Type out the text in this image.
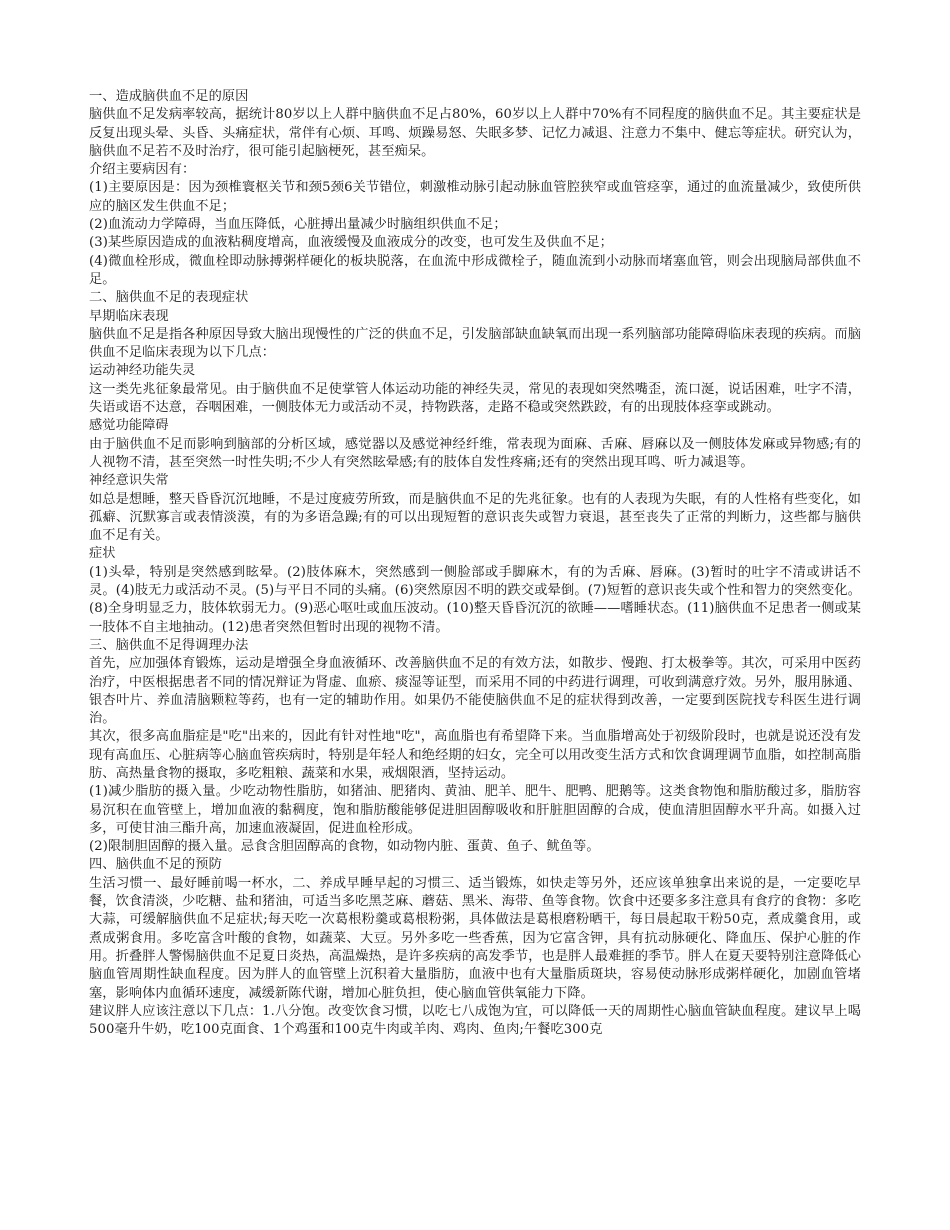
一、造成脑供血不足的原因

脑供血不足发病率较高，据统计80岁以上人群中脑供血不足占80%，60岁以上人群中70%有不同程度的脑供血不足。其主要症状是反复出现头晕、头昏、头痛症状，常伴有心烦、耳鸣、烦躁易怒、失眠多梦、记忆力减退、注意力不集中、健忘等症状。研究认为，脑供血不足若不及时治疗，很可能引起脑梗死，甚至痴呆。

介绍主要病因有：

(1)主要原因是：因为颈椎寰枢关节和颈5颈6关节错位，刺激椎动脉引起动脉血管腔狭窄或血管痉挛，通过的血流量减少，致使所供应的脑区发生供血不足；

(2)血流动力学障碍，当血压降低，心脏搏出量减少时脑组织供血不足；

(3)某些原因造成的血液粘稠度增高，血液缓慢及血液成分的改变，也可发生及供血不足；

(4)微血栓形成，微血栓即动脉搏粥样硬化的板块脱落，在血流中形成微栓子，随血流到小动脉而堵塞血管，则会出现脑局部供血不足。

二、脑供血不足的表现症状

早期临床表现

脑供血不足是指各种原因导致大脑出现慢性的广泛的供血不足，引发脑部缺血缺氧而出现一系列脑部功能障碍临床表现的疾病。而脑供血不足临床表现为以下几点：

运动神经功能失灵

这一类先兆征象最常见。由于脑供血不足使掌管人体运动功能的神经失灵，常见的表现如突然嘴歪，流口涎，说话困难，吐字不清，失语或语不达意，吞咽困难，一侧肢体无力或活动不灵，持物跌落，走路不稳或突然跌跤，有的出现肢体痉挛或跳动。

感觉功能障碍

由于脑供血不足而影响到脑部的分析区域，感觉器以及感觉神经纤维，常表现为面麻、舌麻、唇麻以及一侧肢体发麻或异物感;有的人视物不清，甚至突然一时性失明;不少人有突然眩晕感;有的肢体自发性疼痛;还有的突然出现耳鸣、听力减退等。

神经意识失常

如总是想睡，整天昏昏沉沉地睡，不是过度疲劳所致，而是脑供血不足的先兆征象。也有的人表现为失眠，有的人性格有些变化，如孤癖、沉默寡言或表情淡漠，有的为多语急躁;有的可以出现短暂的意识丧失或智力衰退，甚至丧失了正常的判断力，这些都与脑供血不足有关。

症状

(1)头晕，特别是突然感到眩晕。(2)肢体麻木，突然感到一侧脸部或手脚麻木，有的为舌麻、唇麻。(3)暂时的吐字不清或讲话不灵。(4)肢无力或活动不灵。(5)与平日不同的头痛。(6)突然原因不明的跌交或晕倒。(7)短暂的意识丧失或个性和智力的突然变化。(8)全身明显乏力，肢体软弱无力。(9)恶心呕吐或血压波动。(10)整天昏昏沉沉的欲睡——嗜睡状态。(11)脑供血不足患者一侧或某一肢体不自主地抽动。(12)患者突然但暂时出现的视物不清。

三、脑供血不足得调理办法

首先，应加强体育锻炼，运动是增强全身血液循环、改善脑供血不足的有效方法，如散步、慢跑、打太极拳等。其次，可采用中医药治疗，中医根据患者不同的情况辩证为肾虚、血瘀、痰湿等证型，而采用不同的中药进行调理，可收到满意疗效。另外，服用脉通、银杏叶片、养血清脑颗粒等药，也有一定的辅助作用。如果仍不能使脑供血不足的症状得到改善，一定要到医院找专科医生进行调治。

其次，很多高血脂症是"吃"出来的，因此有针对性地"吃"，高血脂也有希望降下来。当血脂增高处于初级阶段时，也就是说还没有发现有高血压、心脏病等心脑血管疾病时，特别是年轻人和绝经期的妇女，完全可以用改变生活方式和饮食调理调节血脂，如控制高脂肪、高热量食物的摄取，多吃粗粮、蔬菜和水果，戒烟限酒，坚持运动。

(1)减少脂肪的摄入量。少吃动物性脂肪，如猪油、肥猪肉、黄油、肥羊、肥牛、肥鸭、肥鹅等。这类食物饱和脂肪酸过多，脂肪容易沉积在血管壁上，增加血液的黏稠度，饱和脂肪酸能够促进胆固醇吸收和肝脏胆固醇的合成，使血清胆固醇水平升高。如摄入过多，可使甘油三酯升高，加速血液凝固，促进血栓形成。

(2)限制胆固醇的摄入量。忌食含胆固醇高的食物，如动物内脏、蛋黄、鱼子、鱿鱼等。

四、脑供血不足的预防

生活习惯一、最好睡前喝一杯水，二、养成早睡早起的习惯三、适当锻炼，如快走等另外，还应该单独拿出来说的是，一定要吃早餐，饮食清淡，少吃糖、盐和猪油，可适当多吃黑芝麻、蘑菇、黑米、海带、鱼等食物。饮食中还要多多注意具有食疗的食物：多吃大蒜，可缓解脑供血不足症状;每天吃一次葛根粉羹或葛根粉粥，具体做法是葛根磨粉晒干，每日晨起取干粉50克，煮成羹食用，或煮成粥食用。多吃富含叶酸的食物，如蔬菜、大豆。另外多吃一些香蕉，因为它富含钾，具有抗动脉硬化、降血压、保护心脏的作用。折叠胖人警惕脑供血不足夏日炎热，高温燥热，是许多疾病的高发季节，也是胖人最难捱的季节。胖人在夏天要特别注意降低心脑血管周期性缺血程度。因为胖人的血管壁上沉积着大量脂肪，血液中也有大量脂质斑块，容易使动脉形成粥样硬化，加剧血管堵塞，影响体内血循环速度，减缓新陈代谢，增加心脏负担，使心脑血管供氧能力下降。

建议胖人应该注意以下几点：1.八分饱。改变饮食习惯，以吃七八成饱为宜，可以降低一天的周期性心脑血管缺血程度。建议早上喝500毫升牛奶，吃100克面食、1个鸡蛋和100克牛肉或羊肉、鸡肉、鱼肉;午餐吃300克
